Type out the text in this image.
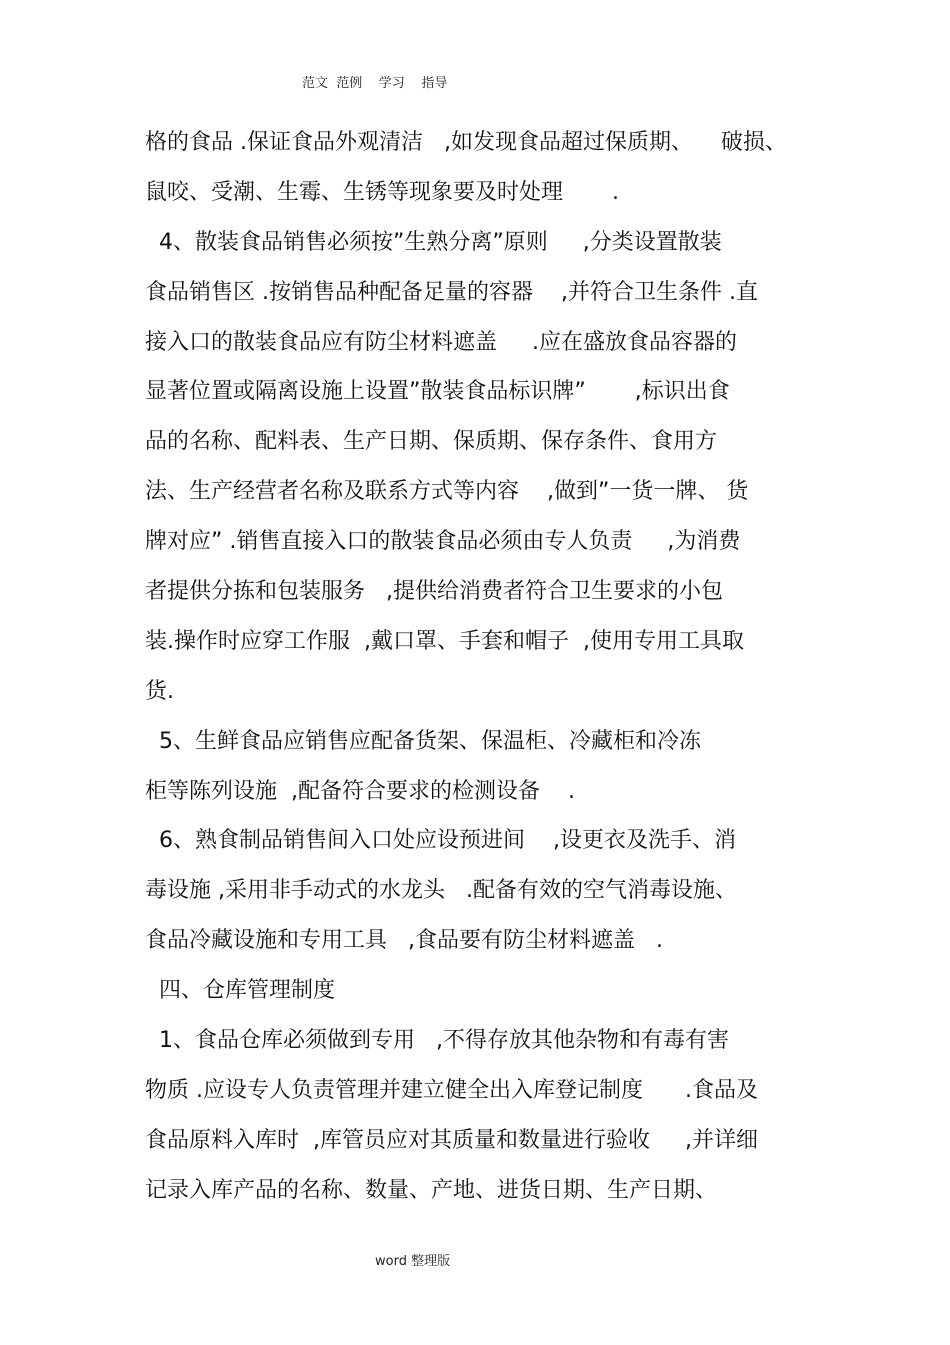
范文  范例    学习    指导
格的食品 .保证食品外观清洁   ,如发现食品超过保质期、    破损、
鼠咬、受潮、生霉、生锈等现象要及时处理       .
4、散装食品销售必须按”生熟分离”原则     ,分类设置散装
食品销售区 .按销售品种配备足量的容器    ,并符合卫生条件 .直
接入口的散装食品应有防尘材料遮盖     .应在盛放食品容器的
显著位置或隔离设施上设置”散装食品标识牌”       ,标识出食
品的名称、配料表、生产日期、保质期、保存条件、食用方
法、生产经营者名称及联系方式等内容    ,做到”一货一牌、 货
牌对应” .销售直接入口的散装食品必须由专人负责     ,为消费
者提供分拣和包装服务   ,提供给消费者符合卫生要求的小包
装.操作时应穿工作服  ,戴口罩、手套和帽子  ,使用专用工具取
货.
5、生鲜食品应销售应配备货架、保温柜、冷藏柜和冷冻
柜等陈列设施  ,配备符合要求的检测设备    .
6、熟食制品销售间入口处应设预进间    ,设更衣及洗手、消
毒设施 ,采用非手动式的水龙头   .配备有效的空气消毒设施、
食品冷藏设施和专用工具   ,食品要有防尘材料遮盖   .
四、仓库管理制度
1、食品仓库必须做到专用   ,不得存放其他杂物和有毒有害
物质 .应设专人负责管理并建立健全出入库登记制度      .食品及
食品原料入库时  ,库管员应对其质量和数量进行验收     ,并详细
记录入库产品的名称、数量、产地、进货日期、生产日期、
word 整理版
